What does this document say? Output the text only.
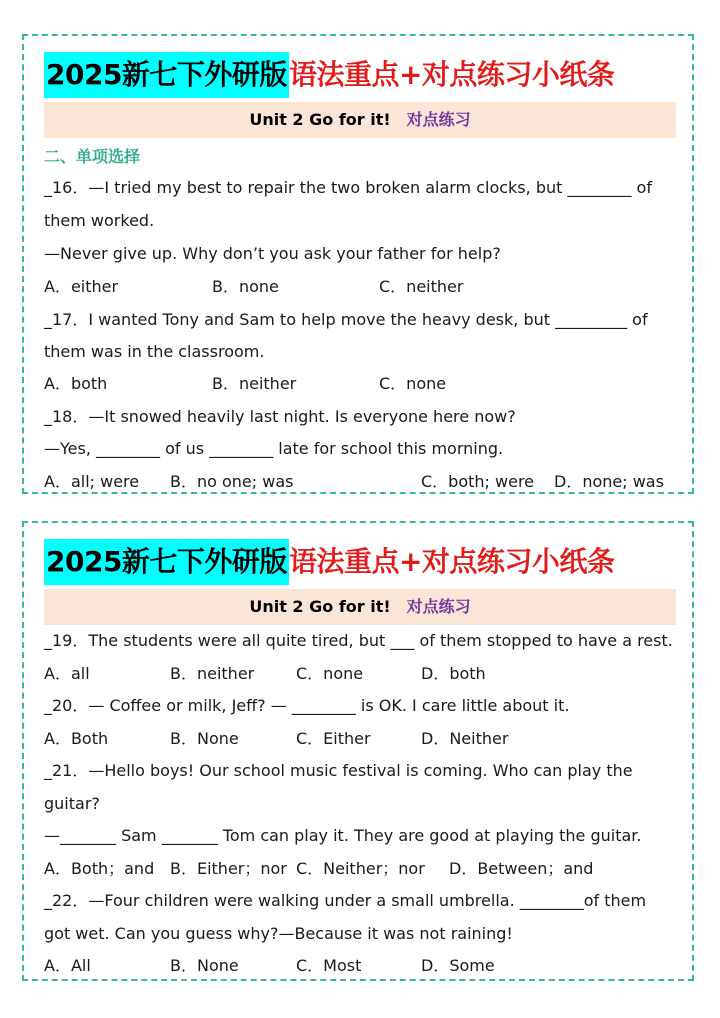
2025新七下外研版语法重点+对点练习小纸条
Unit 2 Go for it! 对点练习
二、单项选择
_16．—I tried my best to repair the two broken alarm clocks, but ________ of
them worked.
—Never give up. Why don’t you ask your father for help?
A．either	B．none	C．neither
_17．I wanted Tony and Sam to help move the heavy desk, but _________ of
them was in the classroom.
A．both	B．neither	C．none
_18．—It snowed heavily last night. Is everyone here now?
—Yes, ________ of us ________ late for school this morning.
A．all; were B．no one; was	C．both; were D．none; was
2025新七下外研版语法重点+对点练习小纸条
Unit 2 Go for it! 对点练习
_19．The students were all quite tired, but ___ of them stopped to have a rest.
A．all	B．neither	C．none	D．both
_20．— Coffee or milk, Jeff? — ________ is OK. I care little about it.
A．Both	B．None	C．Either	D．Neither
_21．—Hello boys! Our school music festival is coming. Who can play the
guitar?
—_______ Sam _______ Tom can play it. They are good at playing the guitar.
A．Both；and B．Either；nor C．Neither；nor D．Between；and
_22．—Four children were walking under a small umbrella. ________of them
got wet. Can you guess why?—Because it was not raining!
A．All	B．None	C．Most	D．Some
